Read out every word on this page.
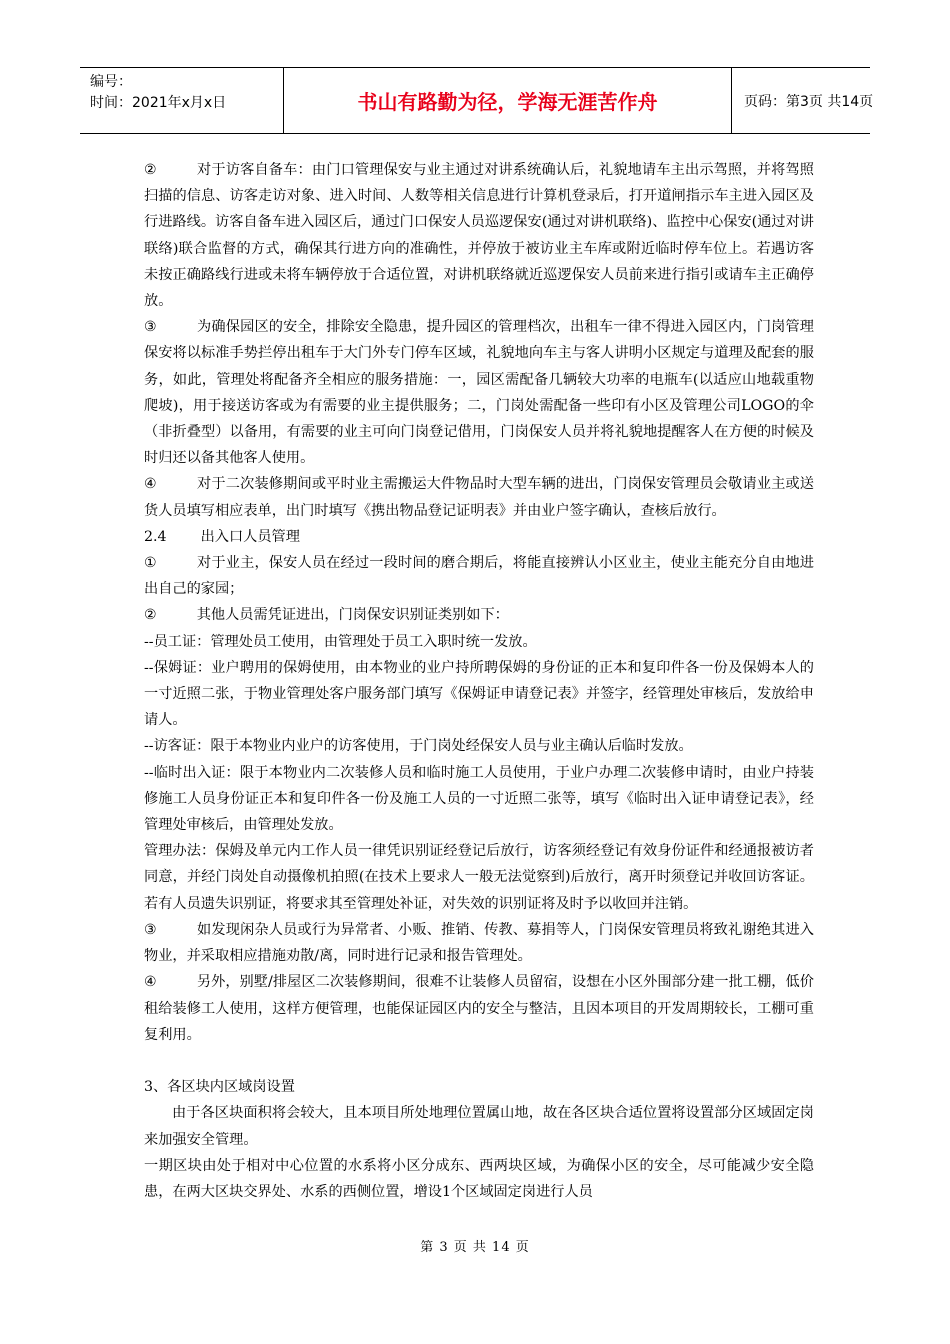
编号：
时间：2021年x月x日	书山有路勤为径，学海无涯苦作舟	页码：第3页 共14页

②	对于访客自备车：由门口管理保安与业主通过对讲系统确认后，礼貌地请车主出示驾照，并将驾照扫描的信息、访客走访对象、进入时间、人数等相关信息进行计算机登录后，打开道闸指示车主进入园区及行进路线。访客自备车进入园区后，通过门口保安人员巡逻保安(通过对讲机联络)、监控中心保安(通过对讲联络)联合监督的方式，确保其行进方向的准确性，并停放于被访业主车库或附近临时停车位上。若遇访客未按正确路线行进或未将车辆停放于合适位置，对讲机联络就近巡逻保安人员前来进行指引或请车主正确停放。

③	为确保园区的安全，排除安全隐患，提升园区的管理档次，出租车一律不得进入园区内，门岗管理保安将以标准手势拦停出租车于大门外专门停车区域，礼貌地向车主与客人讲明小区规定与道理及配套的服务，如此，管理处将配备齐全相应的服务措施：一，园区需配备几辆较大功率的电瓶车(以适应山地载重物爬坡)，用于接送访客或为有需要的业主提供服务；二，门岗处需配备一些印有小区及管理公司LOGO的伞（非折叠型）以备用，有需要的业主可向门岗登记借用，门岗保安人员并将礼貌地提醒客人在方便的时候及时归还以备其他客人使用。

④	对于二次装修期间或平时业主需搬运大件物品时大型车辆的进出，门岗保安管理员会敬请业主或送货人员填写相应表单，出门时填写《携出物品登记证明表》并由业户签字确认，查核后放行。

2.4 出入口人员管理

①	对于业主，保安人员在经过一段时间的磨合期后，将能直接辨认小区业主，使业主能充分自由地进出自己的家园；

②	其他人员需凭证进出，门岗保安识别证类别如下：

--员工证：管理处员工使用，由管理处于员工入职时统一发放。

--保姆证：业户聘用的保姆使用，由本物业的业户持所聘保姆的身份证的正本和复印件各一份及保姆本人的一寸近照二张，于物业管理处客户服务部门填写《保姆证申请登记表》并签字，经管理处审核后，发放给申请人。

--访客证：限于本物业内业户的访客使用，于门岗处经保安人员与业主确认后临时发放。

--临时出入证：限于本物业内二次装修人员和临时施工人员使用，于业户办理二次装修申请时，由业户持装修施工人员身份证正本和复印件各一份及施工人员的一寸近照二张等，填写《临时出入证申请登记表》，经管理处审核后，由管理处发放。

管理办法：保姆及单元内工作人员一律凭识别证经登记后放行，访客须经登记有效身份证件和经通报被访者同意，并经门岗处自动摄像机拍照(在技术上要求人一般无法觉察到)后放行，离开时须登记并收回访客证。若有人员遗失识别证，将要求其至管理处补证，对失效的识别证将及时予以收回并注销。

③	如发现闲杂人员或行为异常者、小贩、推销、传教、募捐等人，门岗保安管理员将致礼谢绝其进入物业，并采取相应措施劝散/离，同时进行记录和报告管理处。

④	另外，别墅/排屋区二次装修期间，很难不让装修人员留宿，设想在小区外围部分建一批工棚，低价租给装修工人使用，这样方便管理，也能保证园区内的安全与整洁，且因本项目的开发周期较长，工棚可重复利用。

3、各区块内区域岗设置

由于各区块面积将会较大，且本项目所处地理位置属山地，故在各区块合适位置将设置部分区域固定岗来加强安全管理。

一期区块由处于相对中心位置的水系将小区分成东、西两块区域，为确保小区的安全，尽可能减少安全隐患，在两大区块交界处、水系的西侧位置，增设1个区域固定岗进行人员

第 3 页 共 14 页
